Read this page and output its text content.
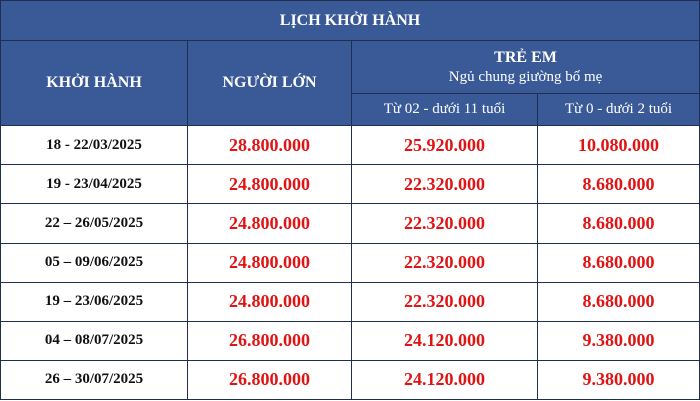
LỊCH KHỞI HÀNH			
KHỞI HÀNH	NGƯỜI LỚN	TRẺ EM
Ngủ chung giường bố mẹ	

		Từ 02 - dưới 11 tuổi	Từ 0 - dưới 2 tuổi
18 - 22/03/2025	28.800.000	25.920.000	10.080.000
19 - 23/04/2025	24.800.000	22.320.000	8.680.000
22 – 26/05/2025	24.800.000	22.320.000	8.680.000
05 – 09/06/2025	24.800.000	22.320.000	8.680.000
19 – 23/06/2025	24.800.000	22.320.000	8.680.000
04 – 08/07/2025	26.800.000	24.120.000	9.380.000
26 – 30/07/2025	26.800.000	24.120.000	9.380.000
